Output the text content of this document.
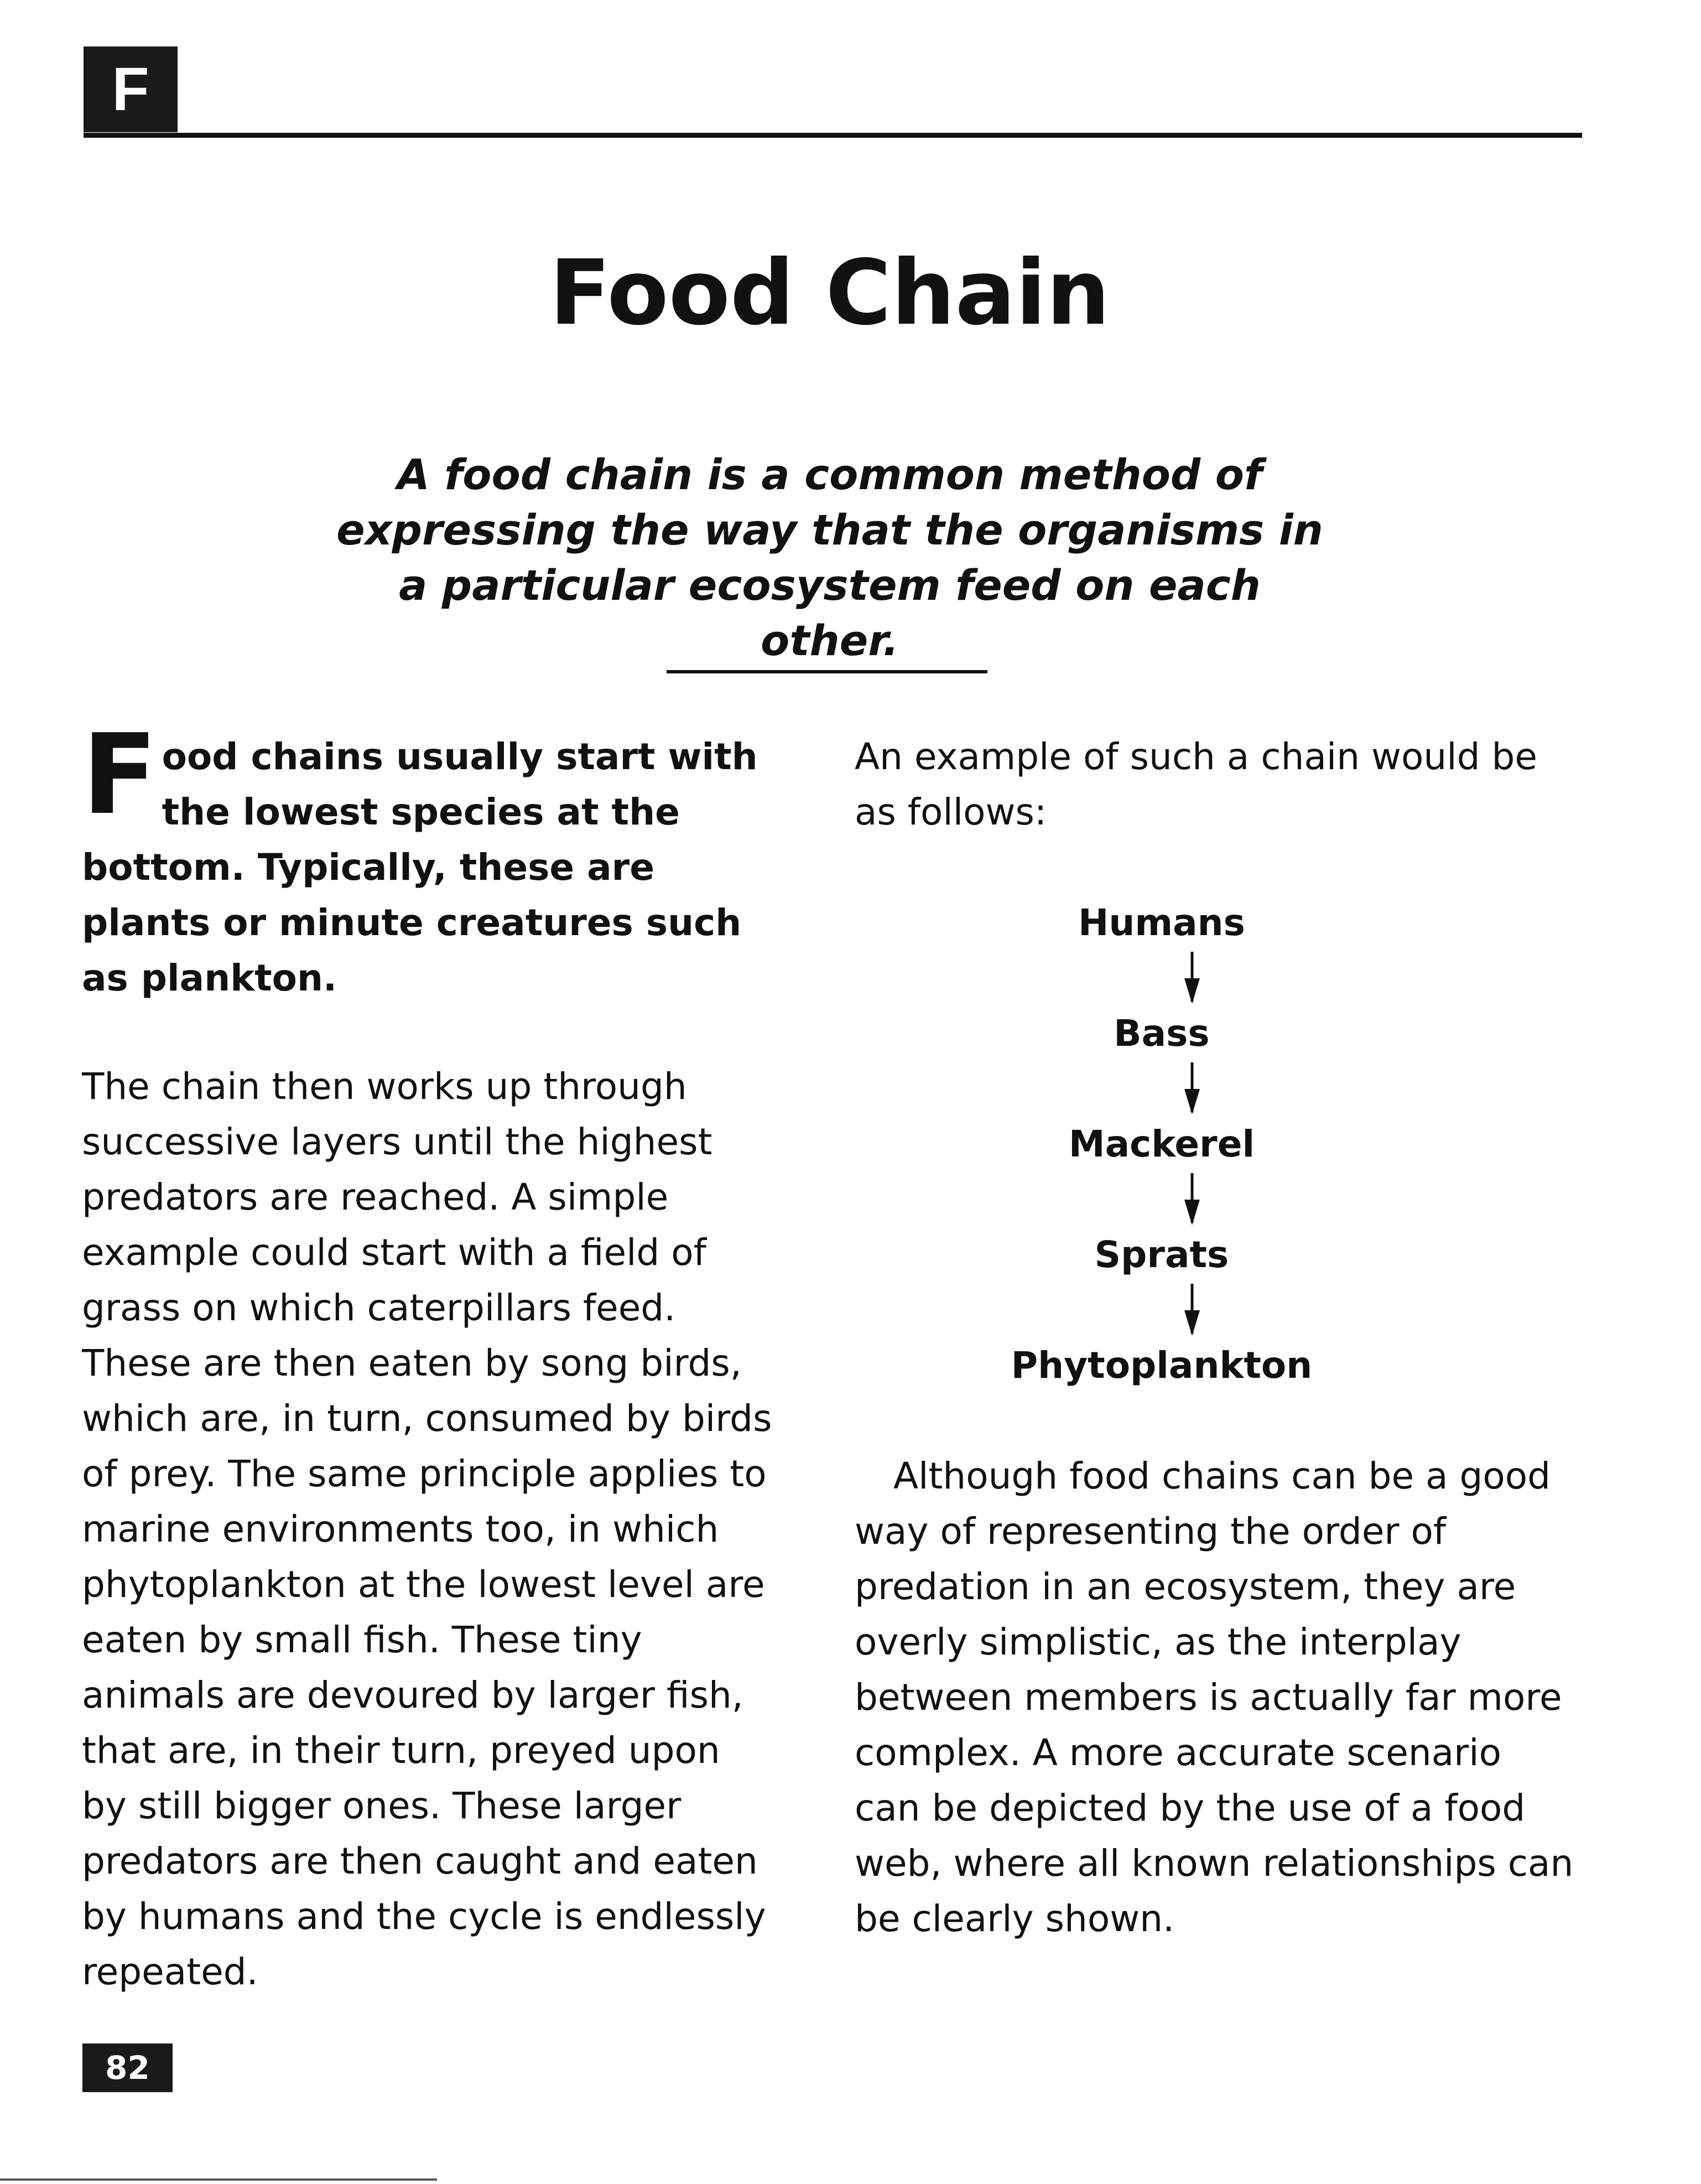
F
Food Chain

A food chain is a common method of expressing the way that the organisms in a particular ecosystem feed on each other.

Food chains usually start with the lowest species at the bottom. Typically, these are plants or minute creatures such as plankton.

The chain then works up through successive layers until the highest predators are reached. A simple example could start with a field of grass on which caterpillars feed. These are then eaten by song birds, which are, in turn, consumed by birds of prey. The same principle applies to marine environments too, in which phytoplankton at the lowest level are eaten by small fish. These tiny animals are devoured by larger fish, that are, in their turn, preyed upon by still bigger ones. These larger predators are then caught and eaten by humans and the cycle is endlessly repeated.

An example of such a chain would be as follows:

Humans
Bass
Mackerel
Sprats
Phytoplankton

Although food chains can be a good way of representing the order of predation in an ecosystem, they are overly simplistic, as the interplay between members is actually far more complex. A more accurate scenario can be depicted by the use of a food web, where all known relationships can be clearly shown.

82
